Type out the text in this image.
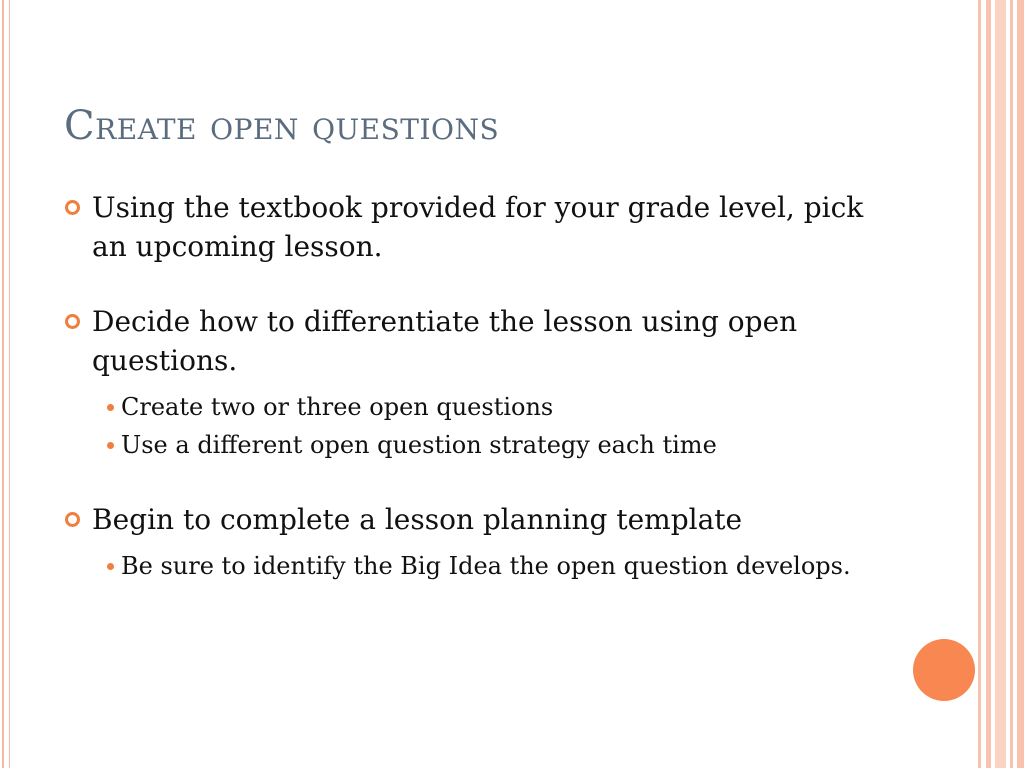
Create open questions
Using the textbook provided for your grade level, pick an upcoming lesson.
Decide how to differentiate the lesson using open questions.
Create two or three open questions
Use a different open question strategy each time
Begin to complete a lesson planning template
Be sure to identify the Big Idea the open question develops.
